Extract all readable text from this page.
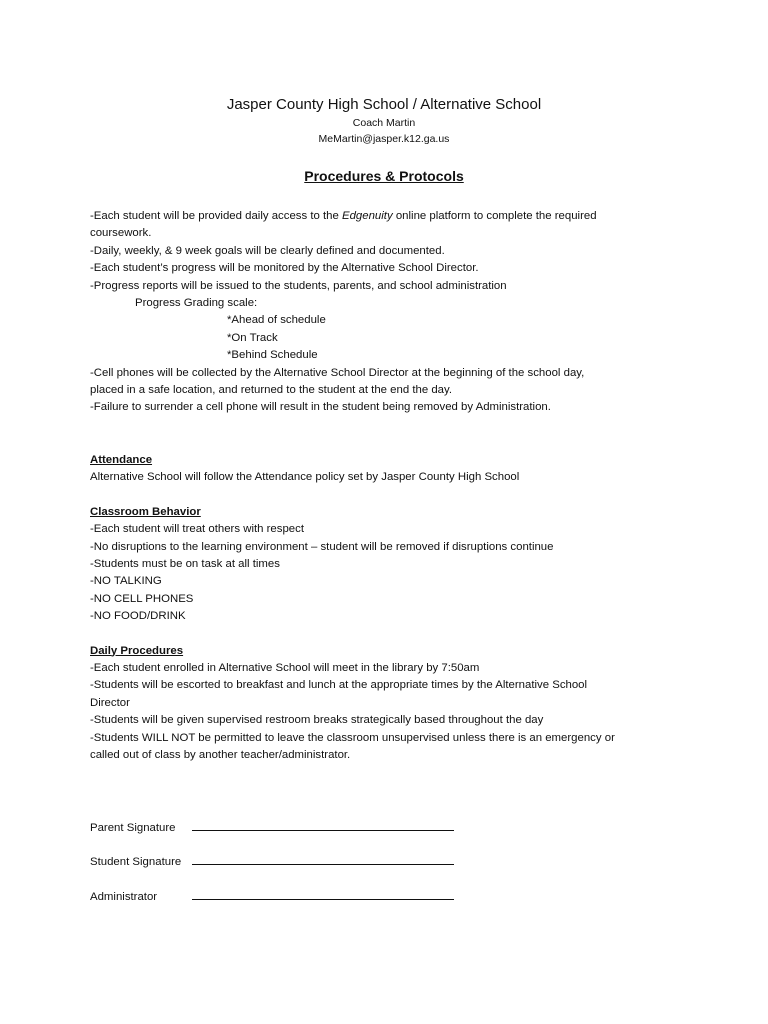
Jasper County High School / Alternative School
Coach Martin
MeMartin@jasper.k12.ga.us
Procedures & Protocols
-Each student will be provided daily access to the Edgenuity online platform to complete the required
coursework.
-Daily, weekly, & 9 week goals will be clearly defined and documented.
-Each student’s progress will be monitored by the Alternative School Director.
-Progress reports will be issued to the students, parents, and school administration
Progress Grading scale:
*Ahead of schedule
*On Track
*Behind Schedule
-Cell phones will be collected by the Alternative School Director at the beginning of the school day,
placed in a safe location, and returned to the student at the end the day.
-Failure to surrender a cell phone will result in the student being removed by Administration.
Attendance
Alternative School will follow the Attendance policy set by Jasper County High School
Classroom Behavior
-Each student will treat others with respect
-No disruptions to the learning environment – student will be removed if disruptions continue
-Students must be on task at all times
-NO TALKING
-NO CELL PHONES
-NO FOOD/DRINK
Daily Procedures
-Each student enrolled in Alternative School will meet in the library by 7:50am
-Students will be escorted to breakfast and lunch at the appropriate times by the Alternative School
Director
-Students will be given supervised restroom breaks strategically based throughout the day
-Students WILL NOT be permitted to leave the classroom unsupervised unless there is an emergency or
called out of class by another teacher/administrator.
Parent Signature
Student Signature
Administrator
